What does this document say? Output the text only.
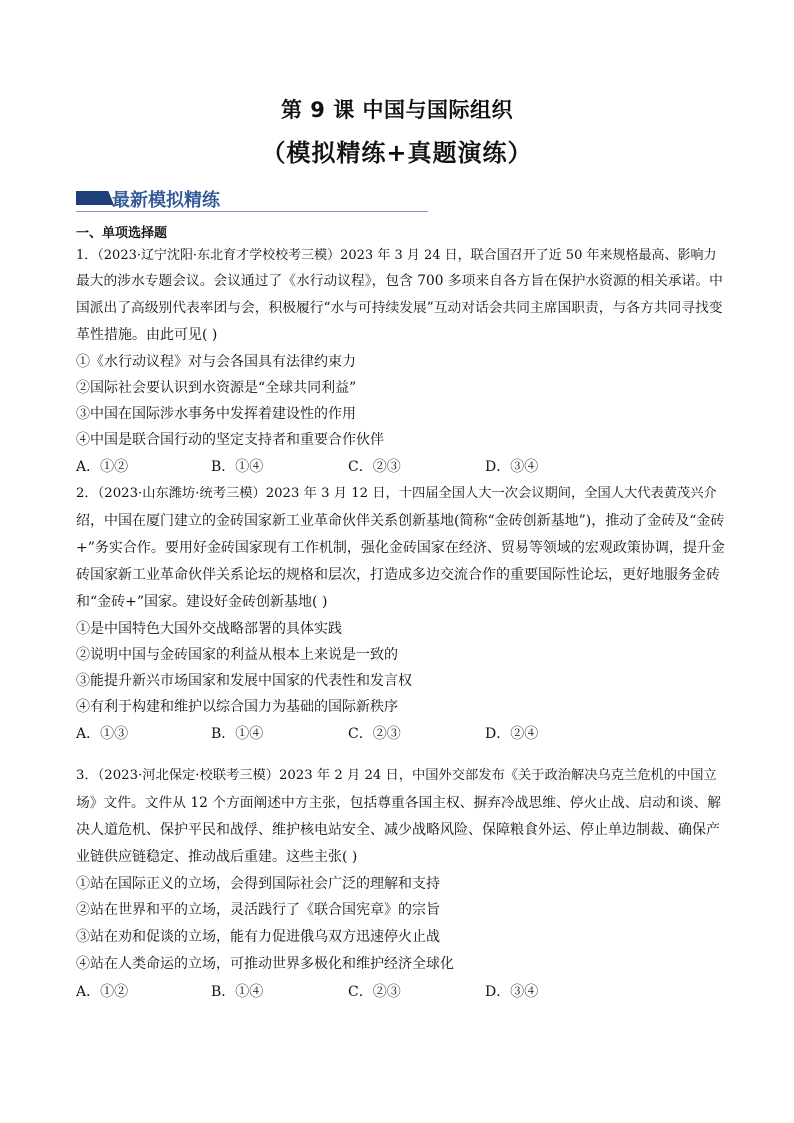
第 9 课 中国与国际组织
（模拟精练+真题演练）
最新模拟精练
一、单项选择题
1．（2023·辽宁沈阳·东北育才学校校考三模）2023 年 3 月 24 日，联合国召开了近 50 年来规格最高、影响力
最大的涉水专题会议。会议通过了《水行动议程》，包含 700 多项来自各方旨在保护水资源的相关承诺。中
国派出了高级别代表率团与会，积极履行“水与可持续发展”互动对话会共同主席国职责，与各方共同寻找变
革性措施。由此可见( )
①《水行动议程》对与会各国具有法律约束力
②国际社会要认识到水资源是“全球共同利益”
③中国在国际涉水事务中发挥着建设性的作用
④中国是联合国行动的坚定支持者和重要合作伙伴
A．①②	B．①④	C．②③	D．③④
2．（2023·山东潍坊·统考三模）2023 年 3 月 12 日，十四届全国人大一次会议期间，全国人大代表黄茂兴介
绍，中国在厦门建立的金砖国家新工业革命伙伴关系创新基地(简称“金砖创新基地”)，推动了金砖及“金砖
+”务实合作。要用好金砖国家现有工作机制，强化金砖国家在经济、贸易等领域的宏观政策协调，提升金
砖国家新工业革命伙伴关系论坛的规格和层次，打造成多边交流合作的重要国际性论坛，更好地服务金砖
和“金砖+”国家。建设好金砖创新基地( )
①是中国特色大国外交战略部署的具体实践
②说明中国与金砖国家的利益从根本上来说是一致的
③能提升新兴市场国家和发展中国家的代表性和发言权
④有利于构建和维护以综合国力为基础的国际新秩序
A．①③	B．①④	C．②③	D．②④
3．（2023·河北保定·校联考三模）2023 年 2 月 24 日，中国外交部发布《关于政治解决乌克兰危机的中国立
场》文件。文件从 12 个方面阐述中方主张，包括尊重各国主权、摒弃冷战思维、停火止战、启动和谈、解
决人道危机、保护平民和战俘、维护核电站安全、减少战略风险、保障粮食外运、停止单边制裁、确保产
业链供应链稳定、推动战后重建。这些主张( )
①站在国际正义的立场，会得到国际社会广泛的理解和支持
②站在世界和平的立场，灵活践行了《联合国宪章》的宗旨
③站在劝和促谈的立场，能有力促进俄乌双方迅速停火止战
④站在人类命运的立场，可推动世界多极化和维护经济全球化
A．①②	B．①④	C．②③	D．③④
